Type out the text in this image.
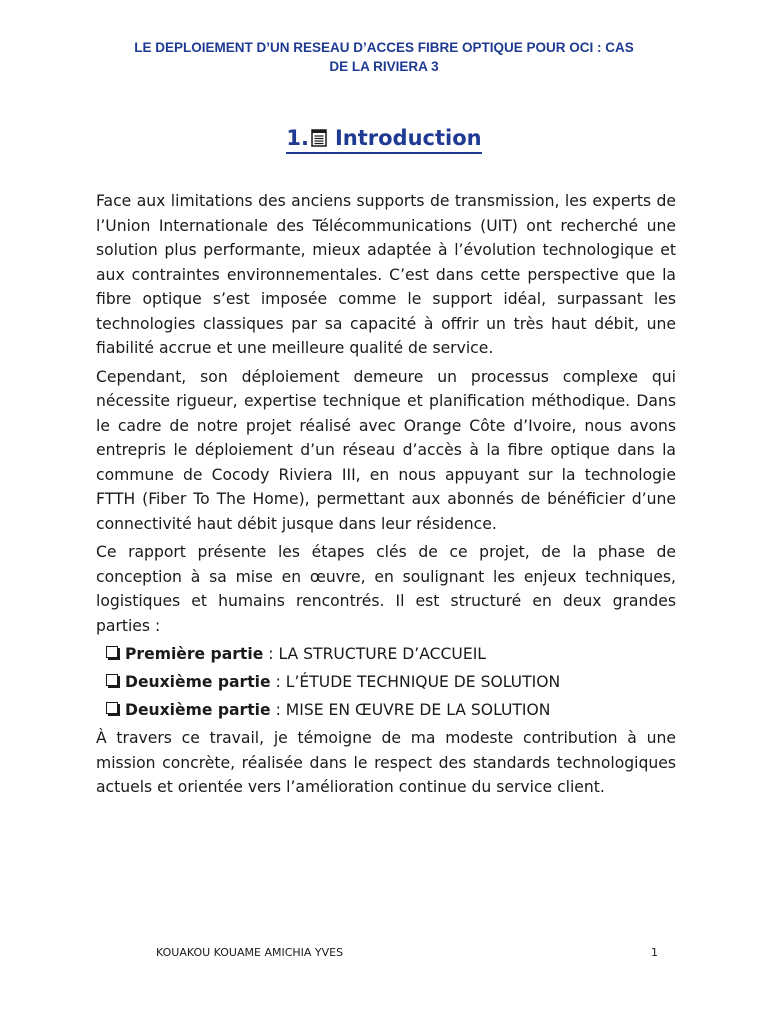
LE DEPLOIEMENT D’UN RESEAU D’ACCES FIBRE OPTIQUE POUR OCI : CAS
DE LA RIVIERA 3
1. Introduction

Face aux limitations des anciens supports de transmission, les experts de l’Union Internationale des Télécommunications (UIT) ont recherché une solution plus performante, mieux adaptée à l’évolution technologique et aux contraintes environnementales. C’est dans cette perspective que la fibre optique s’est imposée comme le support idéal, surpassant les technologies classiques par sa capacité à offrir un très haut débit, une fiabilité accrue et une meilleure qualité de service.

Cependant, son déploiement demeure un processus complexe qui nécessite rigueur, expertise technique et planification méthodique. Dans le cadre de notre projet réalisé avec Orange Côte d’Ivoire, nous avons entrepris le déploiement d’un réseau d’accès à la fibre optique dans la commune de Cocody Riviera III, en nous appuyant sur la technologie FTTH (Fiber To The Home), permettant aux abonnés de bénéficier d’une connectivité haut débit jusque dans leur résidence.

Ce rapport présente les étapes clés de ce projet, de la phase de conception à sa mise en œuvre, en soulignant les enjeux techniques, logistiques et humains rencontrés. Il est structuré en deux grandes parties :

Première partie : LA STRUCTURE D’ACCUEIL
Deuxième partie : L’ÉTUDE TECHNIQUE DE SOLUTION
Deuxième partie : MISE EN ŒUVRE DE LA SOLUTION

À travers ce travail, je témoigne de ma modeste contribution à une mission concrète, réalisée dans le respect des standards technologiques actuels et orientée vers l’amélioration continue du service client.

KOUAKOU KOUAME AMICHIA YVES	1
